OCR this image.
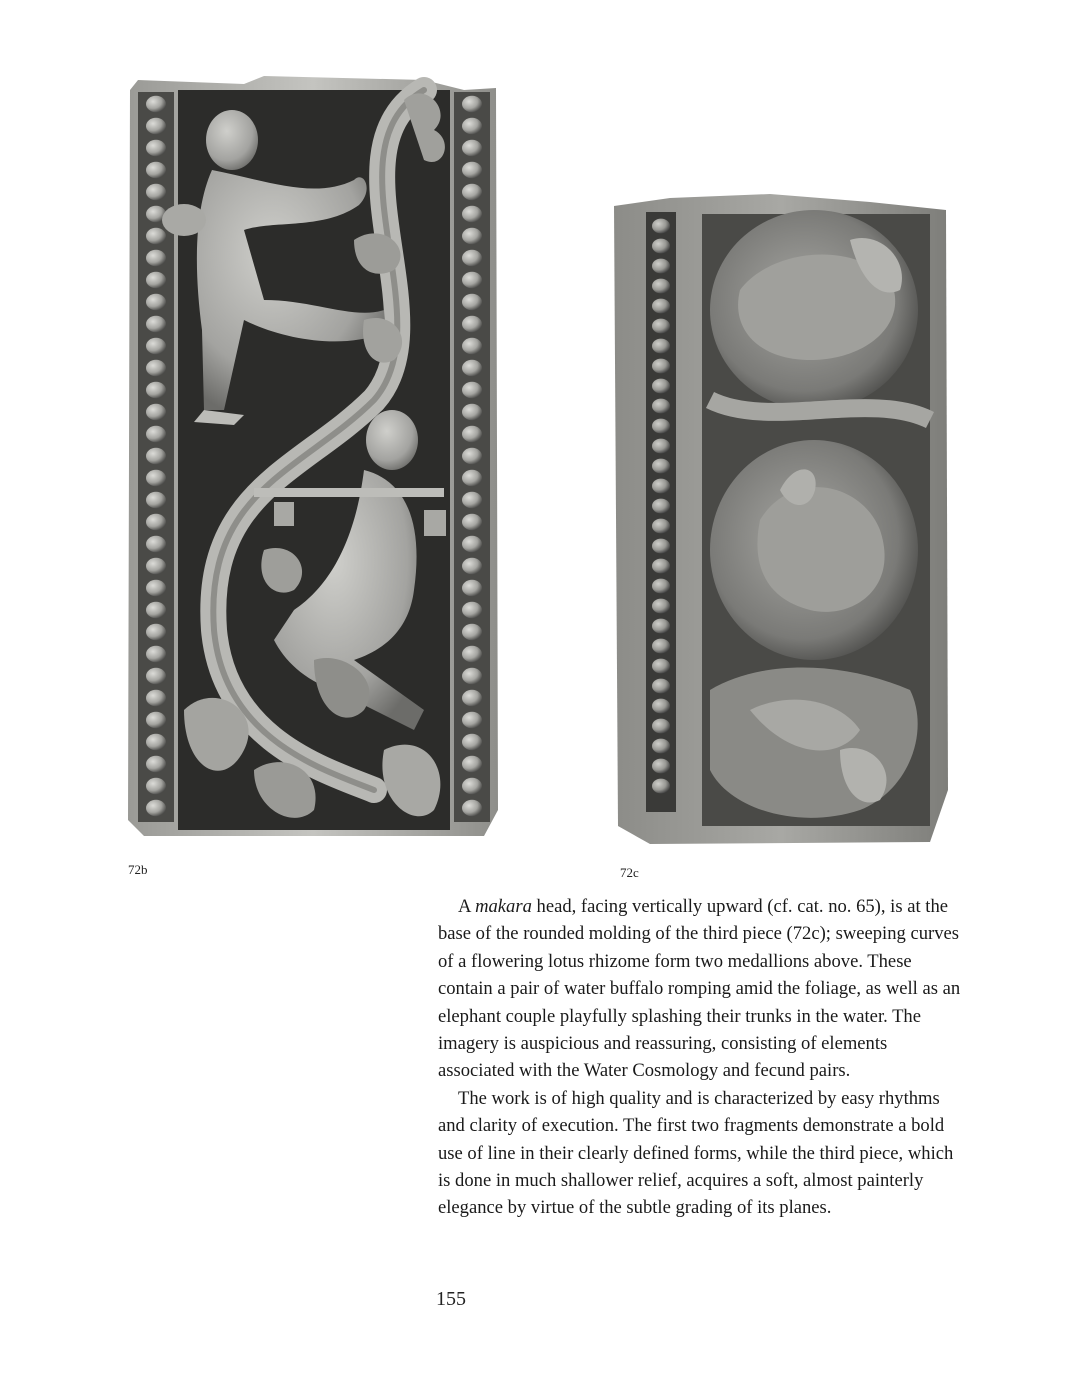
72b	72c

A makara head, facing vertically upward (cf. cat. no. 65), is at the base of the rounded molding of the third piece (72c); sweeping curves of a flowering lotus rhizome form two medallions above. These contain a pair of water buffalo romping amid the foliage, as well as an elephant couple playfully splashing their trunks in the water. The imagery is auspicious and reassuring, consisting of elements associated with the Water Cosmology and fecund pairs.

The work is of high quality and is characterized by easy rhythms and clarity of execution. The first two fragments demonstrate a bold use of line in their clearly defined forms, while the third piece, which is done in much shallower relief, acquires a soft, almost painterly elegance by virtue of the subtle grading of its planes.

155
